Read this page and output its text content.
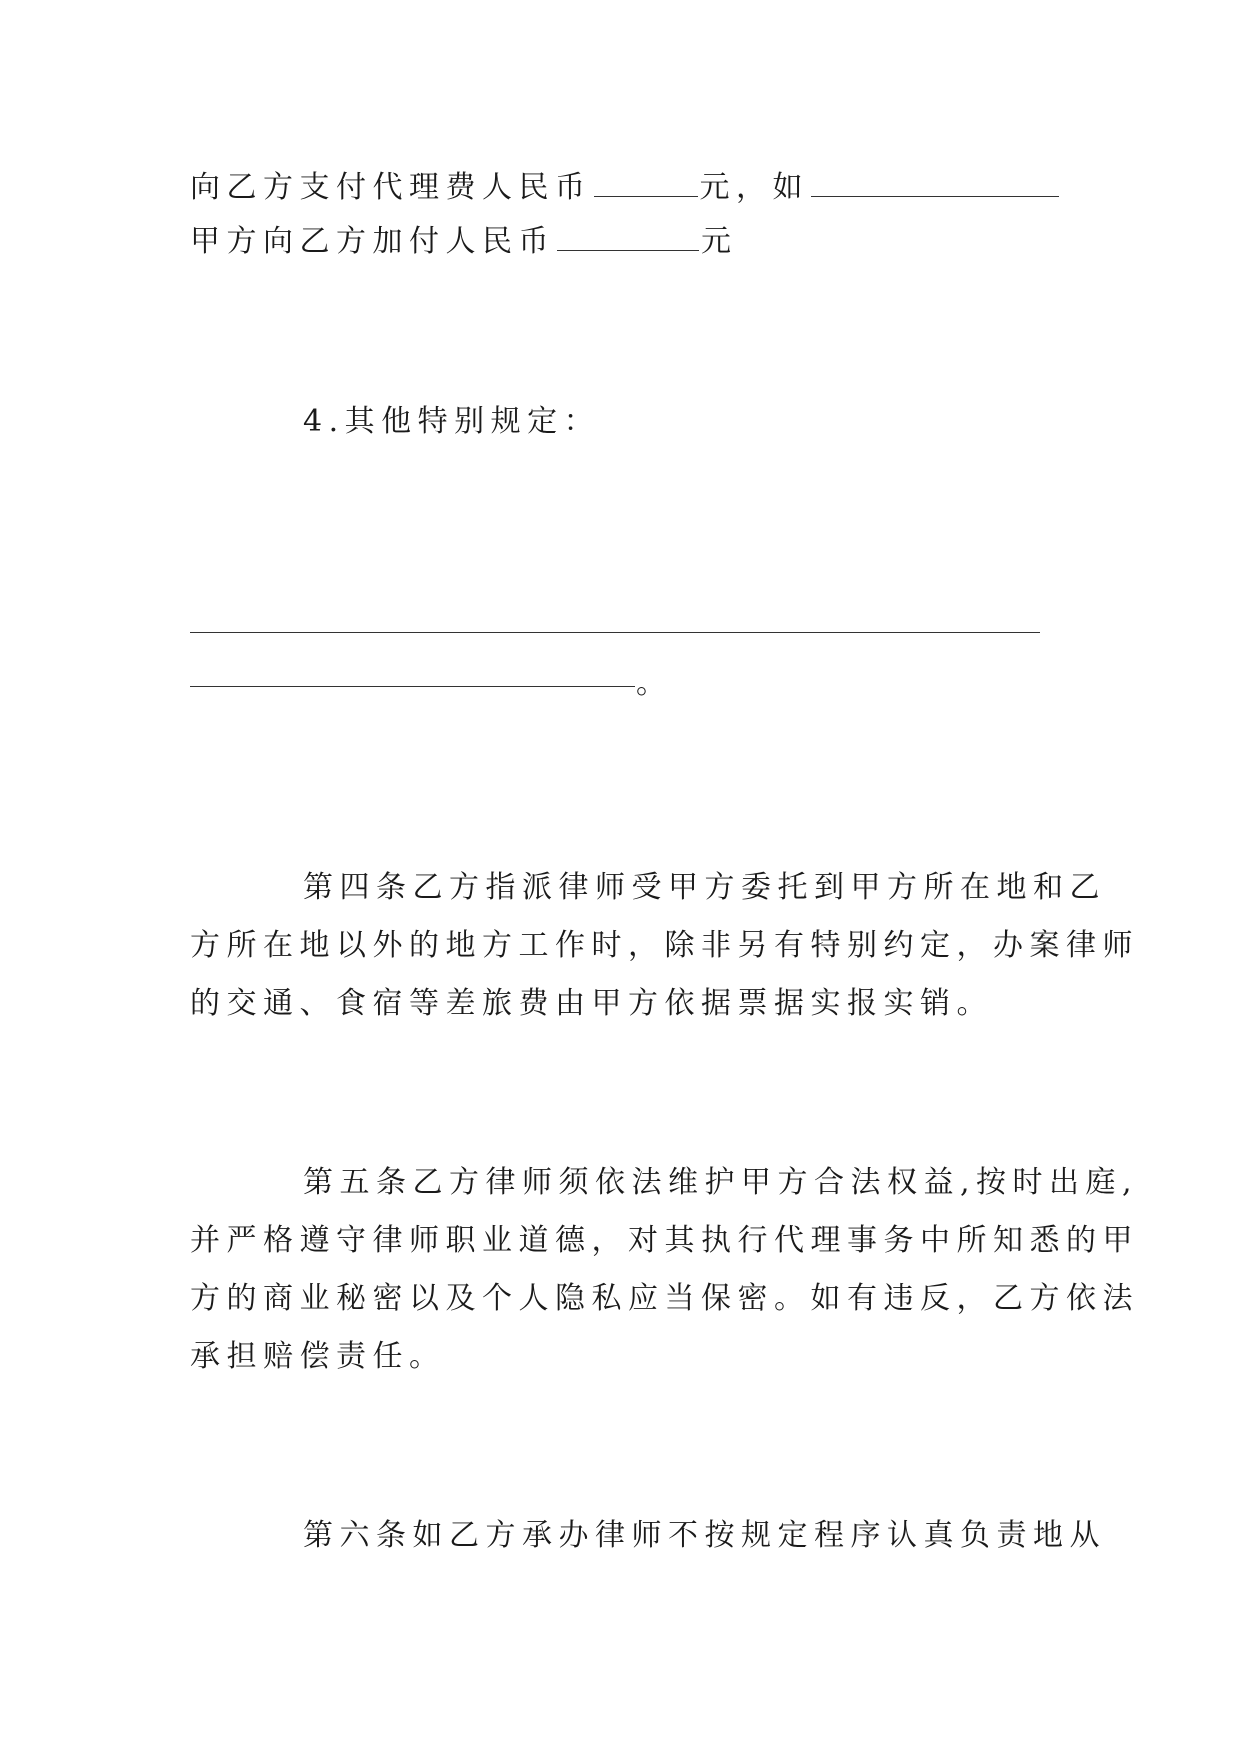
向乙方支付代理费人民币	元，如
甲方向乙方加付人民币	元
4.其他特别规定：
。
第四条乙方指派律师受甲方委托到甲方所在地和乙
方所在地以外的地方工作时，除非另有特别约定，办案律师
的交通、食宿等差旅费由甲方依据票据实报实销。
第五条乙方律师须依法维护甲方合法权益,按时出庭,
并严格遵守律师职业道德，对其执行代理事务中所知悉的甲
方的商业秘密以及个人隐私应当保密。如有违反，乙方依法
承担赔偿责任。
第六条如乙方承办律师不按规定程序认真负责地从
